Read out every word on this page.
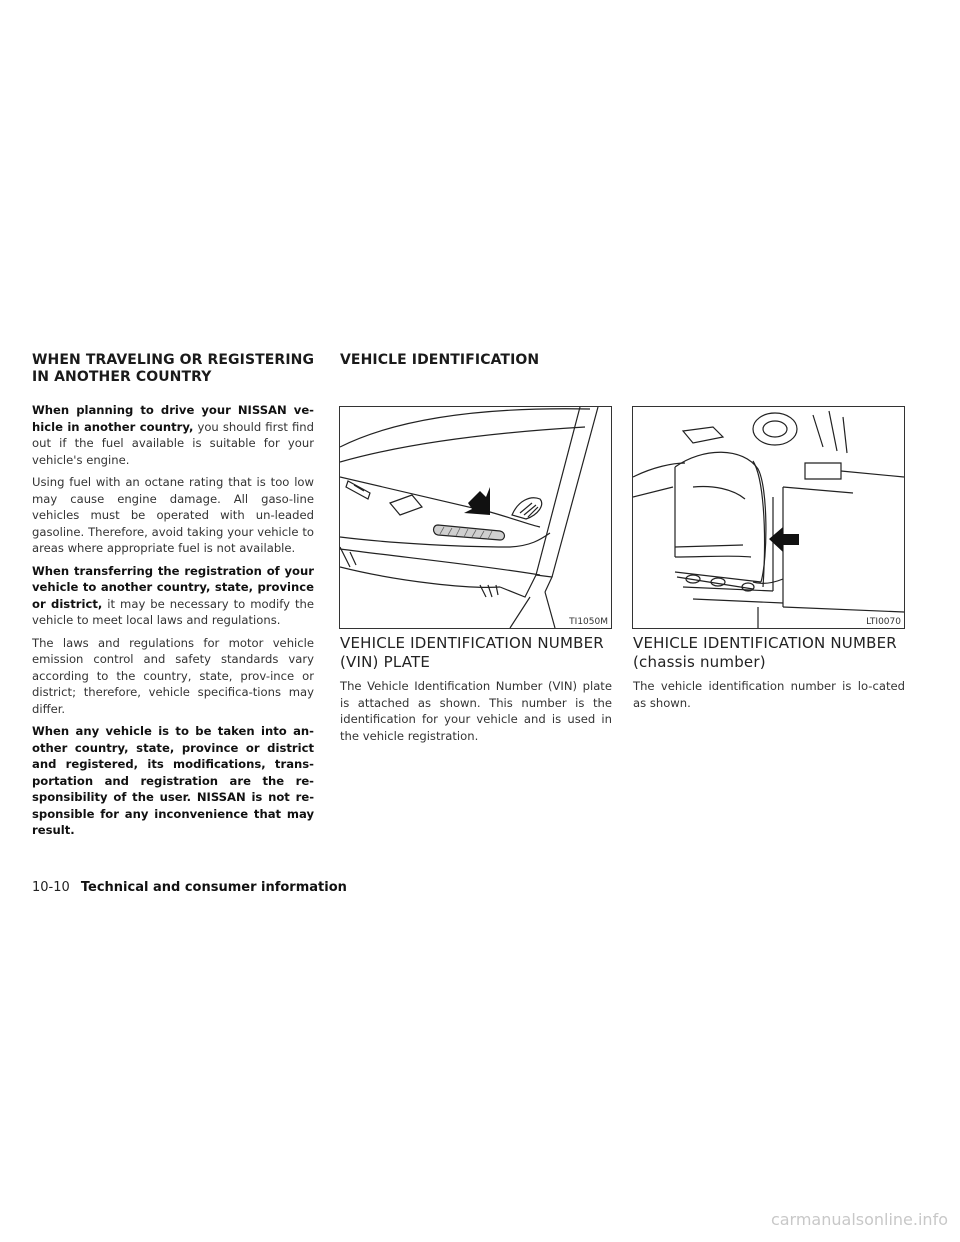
WHEN TRAVELING OR REGISTERING
IN ANOTHER COUNTRY

When planning to drive your NISSAN ve-hicle in another country, you should first find out if the fuel available is suitable for your vehicle's engine.

Using fuel with an octane rating that is too low may cause engine damage. All gaso-line vehicles must be operated with un-leaded gasoline. Therefore, avoid taking your vehicle to areas where appropriate fuel is not available.

When transferring the registration of your vehicle to another country, state, province or district, it may be necessary to modify the vehicle to meet local laws and regulations.

The laws and regulations for motor vehicle emission control and safety standards vary according to the country, state, prov-ince or district; therefore, vehicle specifica-tions may differ.

When any vehicle is to be taken into an-other country, state, province or district and registered, its modifications, trans-portation and registration are the re-sponsibility of the user. NISSAN is not re-sponsible for any inconvenience that may result.

VEHICLE IDENTIFICATION
TI1050M	LTI0070
VEHICLE IDENTIFICATION NUMBER
(VIN) PLATE
The Vehicle Identification Number (VIN) plate is attached as shown. This number is the identification for your vehicle and is used in the vehicle registration.
VEHICLE IDENTIFICATION NUMBER
(chassis number)
The vehicle identification number is lo-cated as shown.
10-10 Technical and consumer information
carmanualsonline.info
